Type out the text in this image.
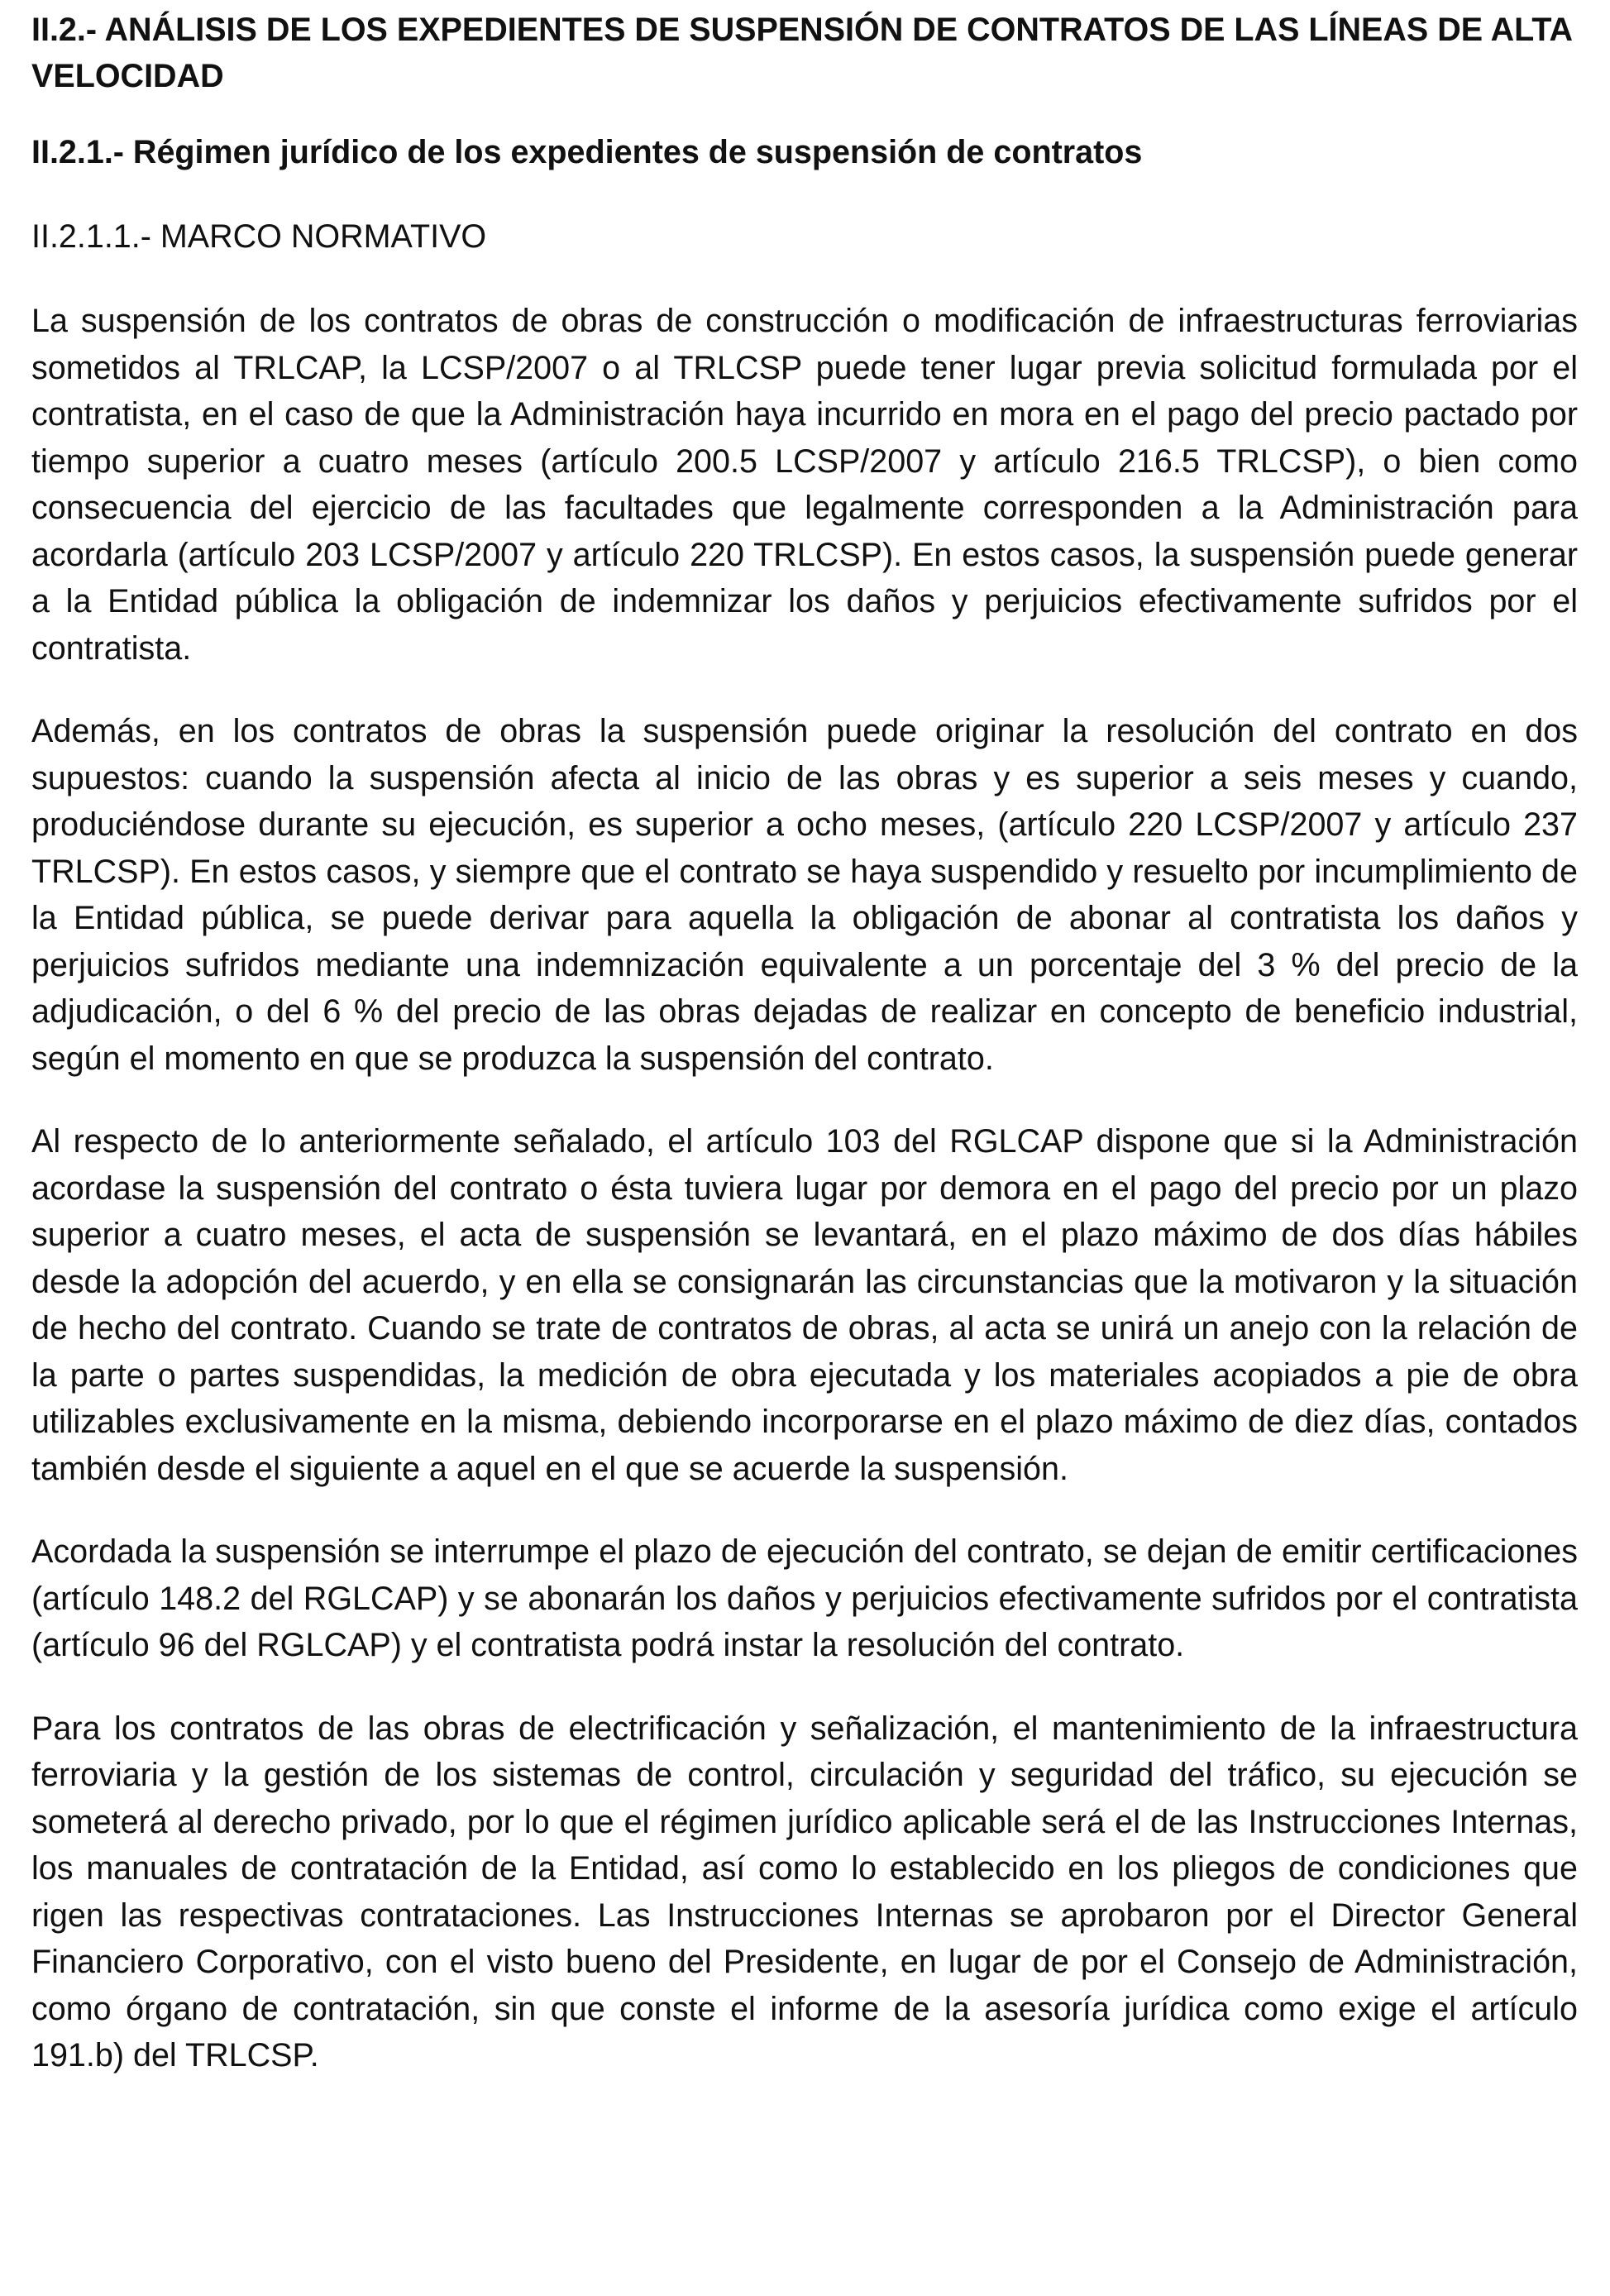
II.2.- ANÁLISIS DE LOS EXPEDIENTES DE SUSPENSIÓN DE CONTRATOS DE LAS LÍNEAS DE ALTA VELOCIDAD
II.2.1.- Régimen jurídico de los expedientes de suspensión de contratos
II.2.1.1.- MARCO NORMATIVO

La suspensión de los contratos de obras de construcción o modificación de infraestructuras ferroviarias sometidos al TRLCAP, la LCSP/2007 o al TRLCSP puede tener lugar previa solicitud formulada por el contratista, en el caso de que la Administración haya incurrido en mora en el pago del precio pactado por tiempo superior a cuatro meses (artículo 200.5 LCSP/2007 y artículo 216.5 TRLCSP), o bien como consecuencia del ejercicio de las facultades que legalmente corresponden a la Administración para acordarla (artículo 203 LCSP/2007 y artículo 220 TRLCSP). En estos casos, la suspensión puede generar a la Entidad pública la obligación de indemnizar los daños y perjuicios efectivamente sufridos por el contratista.

Además, en los contratos de obras la suspensión puede originar la resolución del contrato en dos supuestos: cuando la suspensión afecta al inicio de las obras y es superior a seis meses y cuando, produciéndose durante su ejecución, es superior a ocho meses, (artículo 220 LCSP/2007 y artículo 237 TRLCSP). En estos casos, y siempre que el contrato se haya suspendido y resuelto por incumplimiento de la Entidad pública, se puede derivar para aquella la obligación de abonar al contratista los daños y perjuicios sufridos mediante una indemnización equivalente a un porcentaje del 3 % del precio de la adjudicación, o del 6 % del precio de las obras dejadas de realizar en concepto de beneficio industrial, según el momento en que se produzca la suspensión del contrato.

Al respecto de lo anteriormente señalado, el artículo 103 del RGLCAP dispone que si la Administración acordase la suspensión del contrato o ésta tuviera lugar por demora en el pago del precio por un plazo superior a cuatro meses, el acta de suspensión se levantará, en el plazo máximo de dos días hábiles desde la adopción del acuerdo, y en ella se consignarán las circunstancias que la motivaron y la situación de hecho del contrato. Cuando se trate de contratos de obras, al acta se unirá un anejo con la relación de la parte o partes suspendidas, la medición de obra ejecutada y los materiales acopiados a pie de obra utilizables exclusivamente en la misma, debiendo incorporarse en el plazo máximo de diez días, contados también desde el siguiente a aquel en el que se acuerde la suspensión.

Acordada la suspensión se interrumpe el plazo de ejecución del contrato, se dejan de emitir certificaciones (artículo 148.2 del RGLCAP) y se abonarán los daños y perjuicios efectivamente sufridos por el contratista (artículo 96 del RGLCAP) y el contratista podrá instar la resolución del contrato.

Para los contratos de las obras de electrificación y señalización, el mantenimiento de la infraestructura ferroviaria y la gestión de los sistemas de control, circulación y seguridad del tráfico, su ejecución se someterá al derecho privado, por lo que el régimen jurídico aplicable será el de las Instrucciones Internas, los manuales de contratación de la Entidad, así como lo establecido en los pliegos de condiciones que rigen las respectivas contrataciones. Las Instrucciones Internas se aprobaron por el Director General Financiero Corporativo, con el visto bueno del Presidente, en lugar de por el Consejo de Administración, como órgano de contratación, sin que conste el informe de la asesoría jurídica como exige el artículo 191.b) del TRLCSP.
